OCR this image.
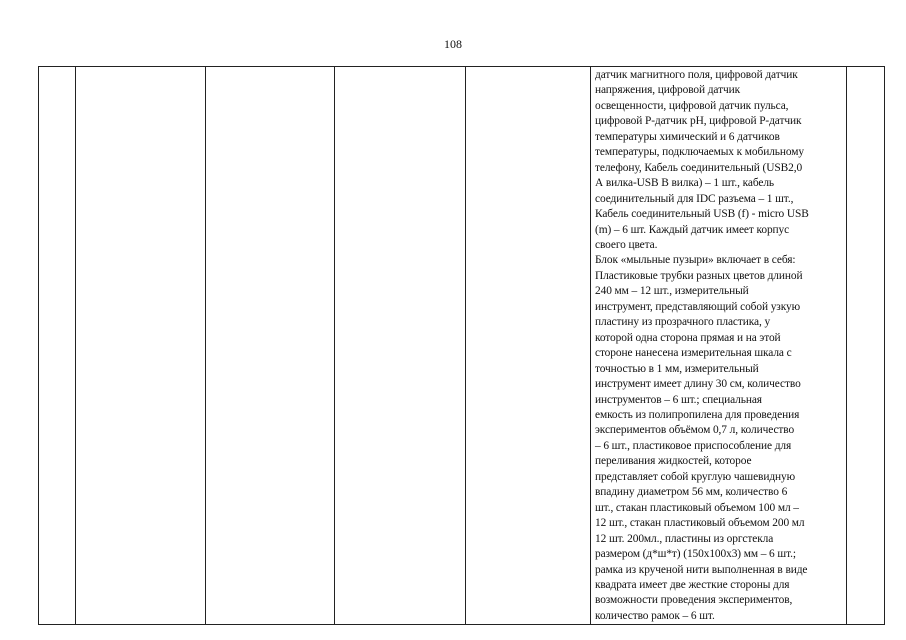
108

датчик магнитного поля, цифровой датчик
напряжения, цифровой датчик
освещенности, цифровой датчик пульса,
цифровой Р-датчик pH, цифровой Р-датчик
температуры химический и 6 датчиков
температуры, подключаемых к мобильному
телефону, Кабель соединительный (USB2,0
А вилка-USB B вилка) – 1 шт., кабель
соединительный для IDC разъема – 1 шт.,
Кабель соединительный USB (f) - micro USB
(m) – 6 шт. Каждый датчик имеет корпус
своего цвета.
Блок «мыльные пузыри» включает в себя:
Пластиковые трубки разных цветов длиной
240 мм – 12 шт., измерительный
инструмент, представляющий собой узкую
пластину из прозрачного пластика, у
которой одна сторона прямая и на этой
стороне нанесена измерительная шкала с
точностью в 1 мм, измерительный
инструмент имеет длину 30 см, количество
инструментов – 6 шт.; специальная
емкость из полипропилена для проведения
экспериментов объёмом 0,7 л, количество
– 6 шт., пластиковое приспособление для
переливания жидкостей, которое
представляет собой круглую чашевидную
впадину диаметром 56 мм, количество 6
шт., стакан пластиковый объемом 100 мл –
12 шт., стакан пластиковый объемом 200 мл
12 шт. 200мл., пластины из оргстекла
размером (д*ш*т) (150х100х3) мм – 6 шт.;
рамка из крученой нити выполненная в виде
квадрата имеет две жесткие стороны для
возможности проведения экспериментов,
количество рамок – 6 шт.
